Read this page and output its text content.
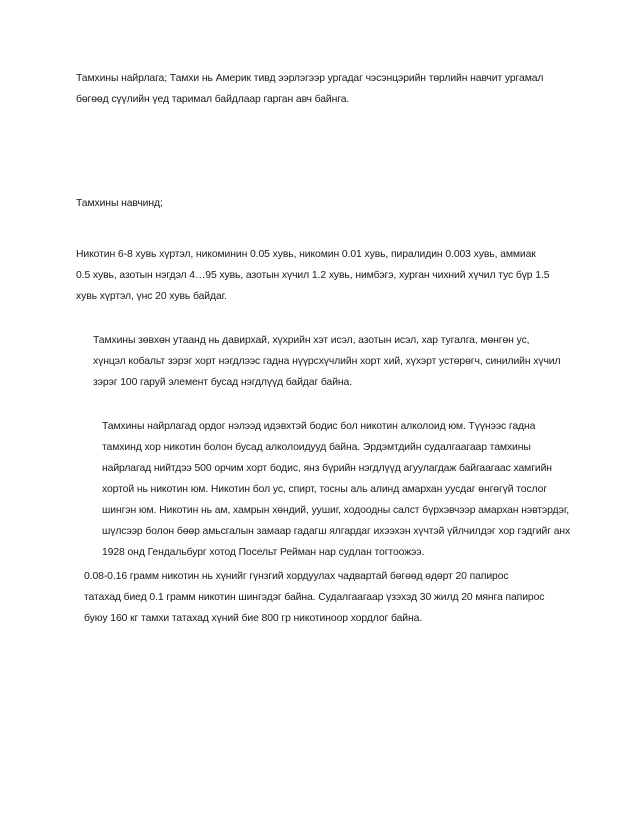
Тамхины найрлага; Тамхи нь Америк тивд ээрлэгээр ургадаг чэсэнцэрийн төрлийн навчит ургамал
бөгөөд сүүлийн үед таримал байдлаар гарган авч байнга.

Тамхины навчинд;

Никотин 6-8 хувь хүртэл, никоминин 0.05 хувь, никомин 0.01 хувь, пиралидин 0.003 хувь, аммиак
0.5 хувь, азотын нэгдэл 4…95 хувь, азотын хүчил 1.2 хувь, нимбэгэ, хурган чихний хүчил тус бүр 1.5
хувь хүртэл, үнс 20 хувь байдаг.

Тамхины зөвхөн утаанд нь давирхай, хүхрийн хэт исэл, азотын исэл, хар тугалга, мөнгөн ус,
хүнцэл кобальт зэрэг хорт нэгдлээс гадна нүүрсхүчлийн хорт хий, хүхэрт устөрөгч, синилийн хүчил
зэрэг 100 гаруй элемент бусад нэгдлүүд байдаг байна.

Тамхины найрлагад ордог нэлээд идэвхтэй бодис бол никотин алколоид юм. Түүнээс гадна
тамхинд хор никотин болон бусад алколоидууд байна. Эрдэмтдийн судалгаагаар тамхины
найрлагад нийтдээ 500 орчим хорт бодис, янз бүрийн нэгдлүүд агуулагдаж байгаагаас хамгийн
хортой нь никотин юм. Никотин бол ус, спирт, тосны аль алинд амархан уусдаг өнгөгүй тослог
шингэн юм. Никотин нь ам, хамрын хөндий, уушиг, ходоодны салст бүрхэвчээр амархан нэвтэрдэг,
шүлсээр болон бөөр амьсгалын замаар гадагш ялгардаг ихээхэн хүчтэй үйлчилдэг хор гэдгийг анх
1928 онд Гендальбург хотод Посельт Рейман нар судлан тогтоожээ.

0.08-0.16 грамм никотин нь хүнийг гүнзгий хордуулах чадвартай бөгөөд өдөрт 20 папирос
татахад биед 0.1 грамм никотин шингэдэг байна. Судалгаагаар үзэхэд 30 жилд 20 мянга папирос
буюу 160 кг тамхи татахад хүний бие 800 гр никотиноор хордлог байна.
